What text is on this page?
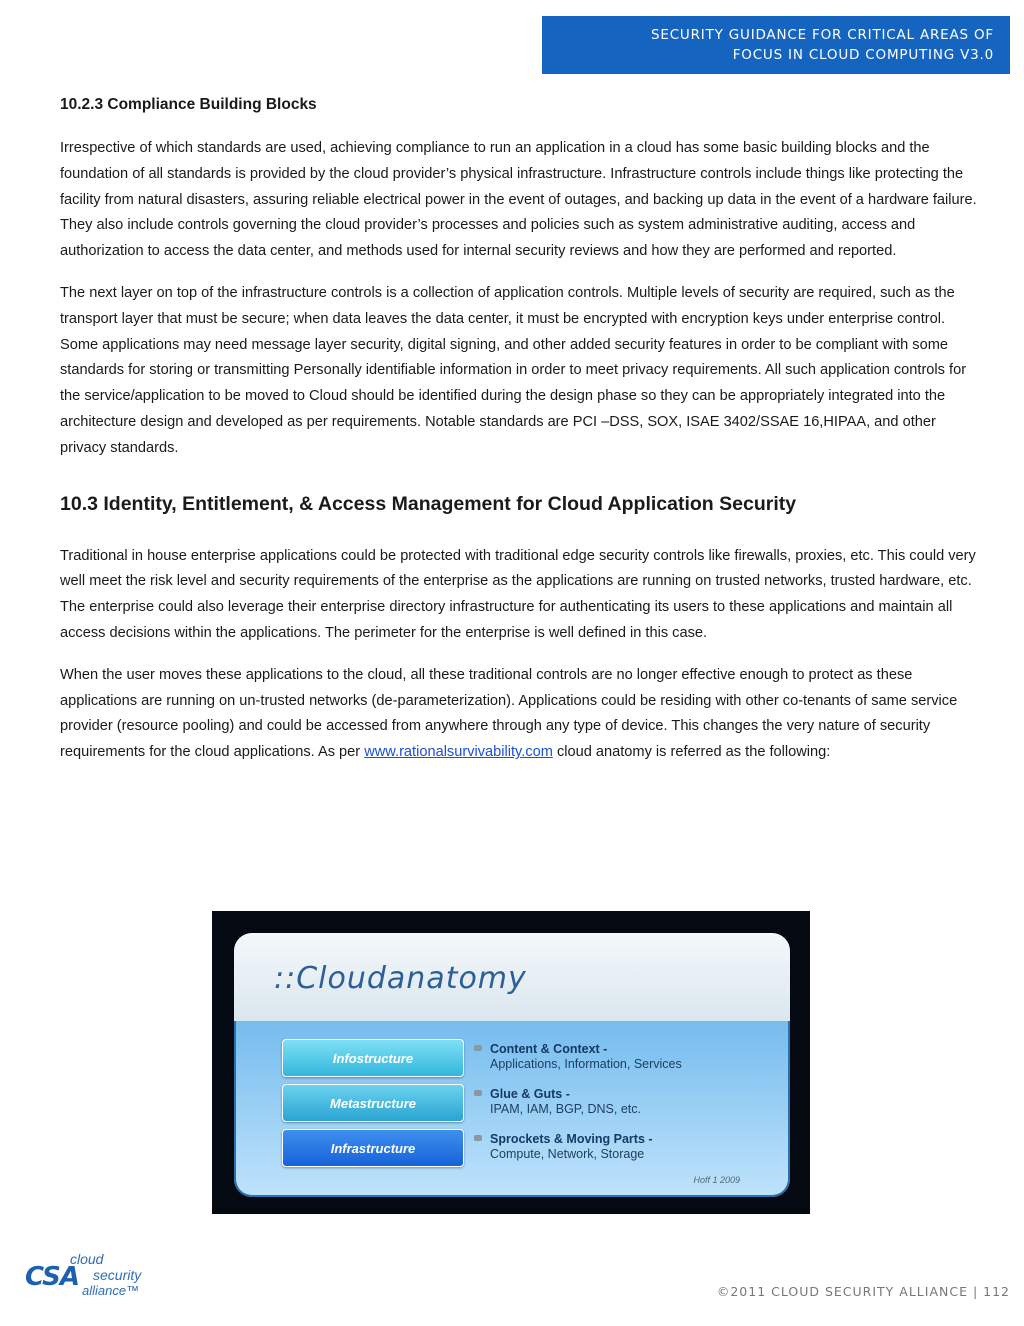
SECURITY GUIDANCE FOR CRITICAL AREAS OF
FOCUS IN CLOUD COMPUTING V3.0
10.2.3 Compliance Building Blocks

Irrespective of which standards are used, achieving compliance to run an application in a cloud has some basic building blocks and the foundation of all standards is provided by the cloud provider’s physical infrastructure. Infrastructure controls include things like protecting the facility from natural disasters, assuring reliable electrical power in the event of outages, and backing up data in the event of a hardware failure. They also include controls governing the cloud provider’s processes and policies such as system administrative auditing, access and authorization to access the data center, and methods used for internal security reviews and how they are performed and reported.

The next layer on top of the infrastructure controls is a collection of application controls. Multiple levels of security are required, such as the transport layer that must be secure; when data leaves the data center, it must be encrypted with encryption keys under enterprise control. Some applications may need message layer security, digital signing, and other added security features in order to be compliant with some standards for storing or transmitting Personally identifiable information in order to meet privacy requirements. All such application controls for the service/application to be moved to Cloud should be identified during the design phase so they can be appropriately integrated into the architecture design and developed as per requirements. Notable standards are PCI –DSS, SOX, ISAE 3402/SSAE 16,HIPAA, and other privacy standards.

10.3 Identity, Entitlement, & Access Management for Cloud Application Security

Traditional in house enterprise applications could be protected with traditional edge security controls like firewalls, proxies, etc. This could very well meet the risk level and security requirements of the enterprise as the applications are running on trusted networks, trusted hardware, etc. The enterprise could also leverage their enterprise directory infrastructure for authenticating its users to these applications and maintain all access decisions within the applications. The perimeter for the enterprise is well defined in this case.

When the user moves these applications to the cloud, all these traditional controls are no longer effective enough to protect as these applications are running on un-trusted networks (de-parameterization). Applications could be residing with other co-tenants of same service provider (resource pooling) and could be accessed from anywhere through any type of device. This changes the very nature of security requirements for the cloud applications. As per www.rationalsurvivability.com cloud anatomy is referred as the following:

::Cloudanatomy
Infostructure
Metastructure
Infrastructure
Content & Context -
Applications, Information, Services
Glue & Guts -
IPAM, IAM, BGP, DNS, etc.
Sprockets & Moving Parts -
Compute, Network, Storage
Hoff 1 2009
CSA
cloud
security
alliance™	©2011 CLOUD SECURITY ALLIANCE | 112
